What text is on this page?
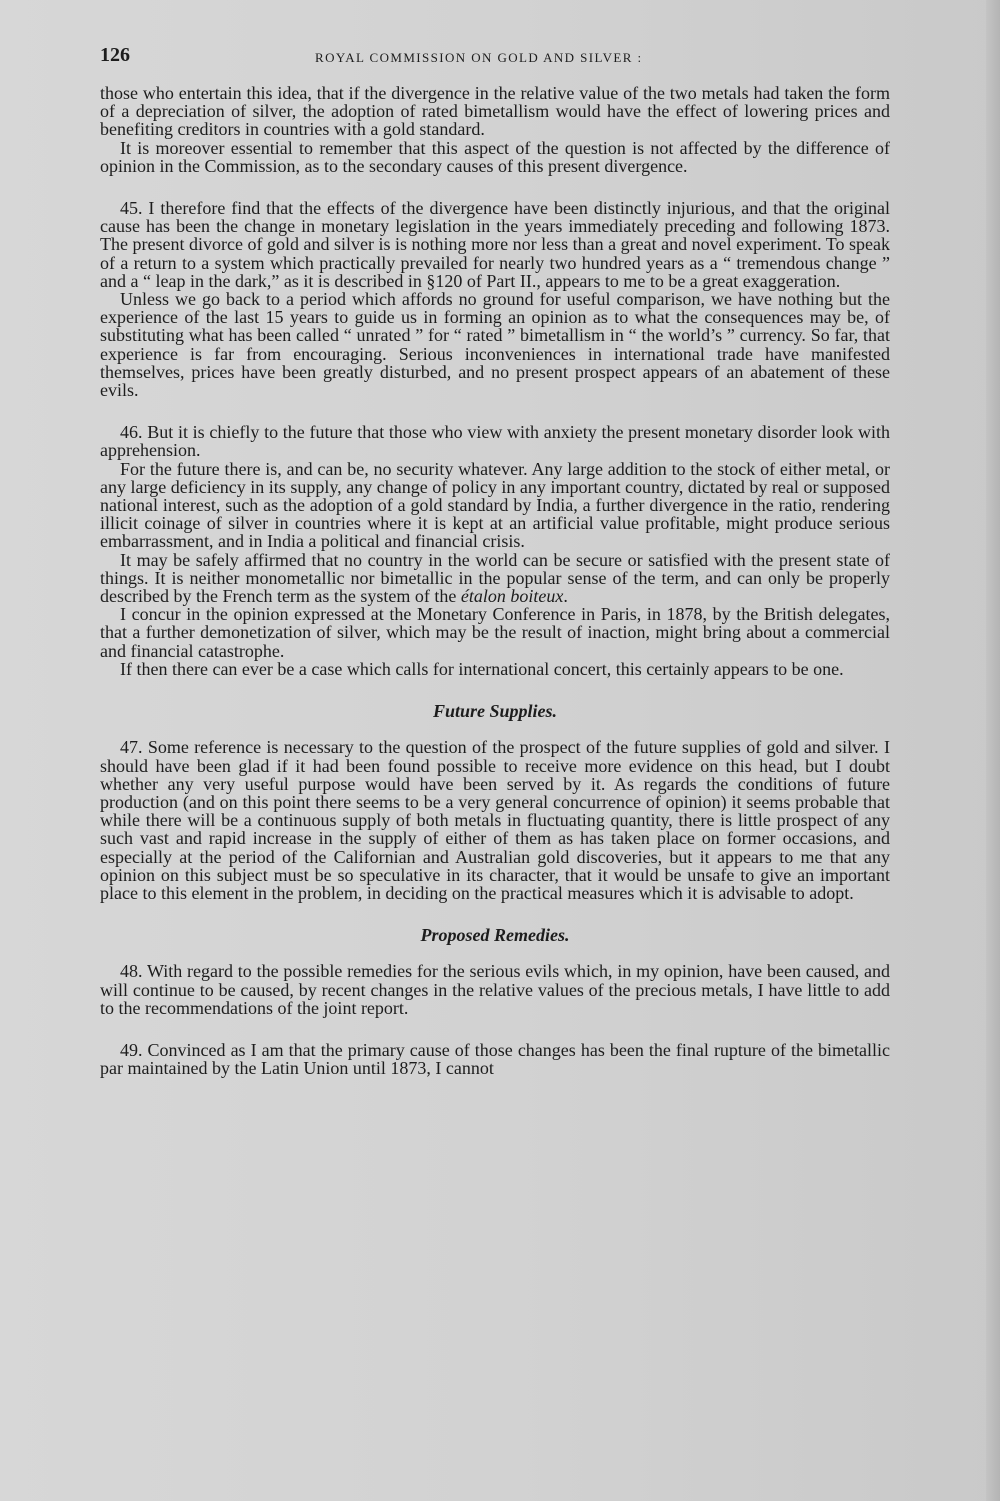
126	ROYAL COMMISSION ON GOLD AND SILVER :

those who entertain this idea, that if the divergence in the relative value of the two metals had taken the form of a depreciation of silver, the adoption of rated bimetallism would have the effect of lowering prices and benefiting creditors in countries with a gold standard.

It is moreover essential to remember that this aspect of the question is not affected by the difference of opinion in the Commission, as to the secondary causes of this present divergence.

45. I therefore find that the effects of the divergence have been distinctly injurious, and that the original cause has been the change in monetary legislation in the years immediately preceding and following 1873. The present divorce of gold and silver is is nothing more nor less than a great and novel experiment. To speak of a return to a system which practically prevailed for nearly two hundred years as a “ tremendous change ” and a “ leap in the dark,” as it is described in §120 of Part II., appears to me to be a great exaggeration.

Unless we go back to a period which affords no ground for useful comparison, we have nothing but the experience of the last 15 years to guide us in forming an opinion as to what the consequences may be, of substituting what has been called “ unrated ” for “ rated ” bimetallism in “ the world’s ” currency. So far, that experience is far from encouraging. Serious inconveniences in international trade have manifested themselves, prices have been greatly disturbed, and no present prospect appears of an abatement of these evils.

46. But it is chiefly to the future that those who view with anxiety the present monetary disorder look with apprehension.

For the future there is, and can be, no security whatever. Any large addition to the stock of either metal, or any large deficiency in its supply, any change of policy in any important country, dictated by real or supposed national interest, such as the adoption of a gold standard by India, a further divergence in the ratio, rendering illicit coinage of silver in countries where it is kept at an artificial value profitable, might produce serious embarrassment, and in India a political and financial crisis.

It may be safely affirmed that no country in the world can be secure or satisfied with the present state of things. It is neither monometallic nor bimetallic in the popular sense of the term, and can only be properly described by the French term as the system of the étalon boiteux.

I concur in the opinion expressed at the Monetary Conference in Paris, in 1878, by the British delegates, that a further demonetization of silver, which may be the result of inaction, might bring about a commercial and financial catastrophe.

If then there can ever be a case which calls for international concert, this certainly appears to be one.

Future Supplies.

47. Some reference is necessary to the question of the prospect of the future supplies of gold and silver. I should have been glad if it had been found possible to receive more evidence on this head, but I doubt whether any very useful purpose would have been served by it. As regards the conditions of future production (and on this point there seems to be a very general concurrence of opinion) it seems probable that while there will be a continuous supply of both metals in fluctuating quantity, there is little prospect of any such vast and rapid increase in the supply of either of them as has taken place on former occasions, and especially at the period of the Californian and Australian gold discoveries, but it appears to me that any opinion on this subject must be so speculative in its character, that it would be unsafe to give an important place to this element in the problem, in deciding on the practical measures which it is advisable to adopt.

Proposed Remedies.

48. With regard to the possible remedies for the serious evils which, in my opinion, have been caused, and will continue to be caused, by recent changes in the relative values of the precious metals, I have little to add to the recommendations of the joint report.

49. Convinced as I am that the primary cause of those changes has been the final rupture of the bimetallic par maintained by the Latin Union until 1873, I cannot
